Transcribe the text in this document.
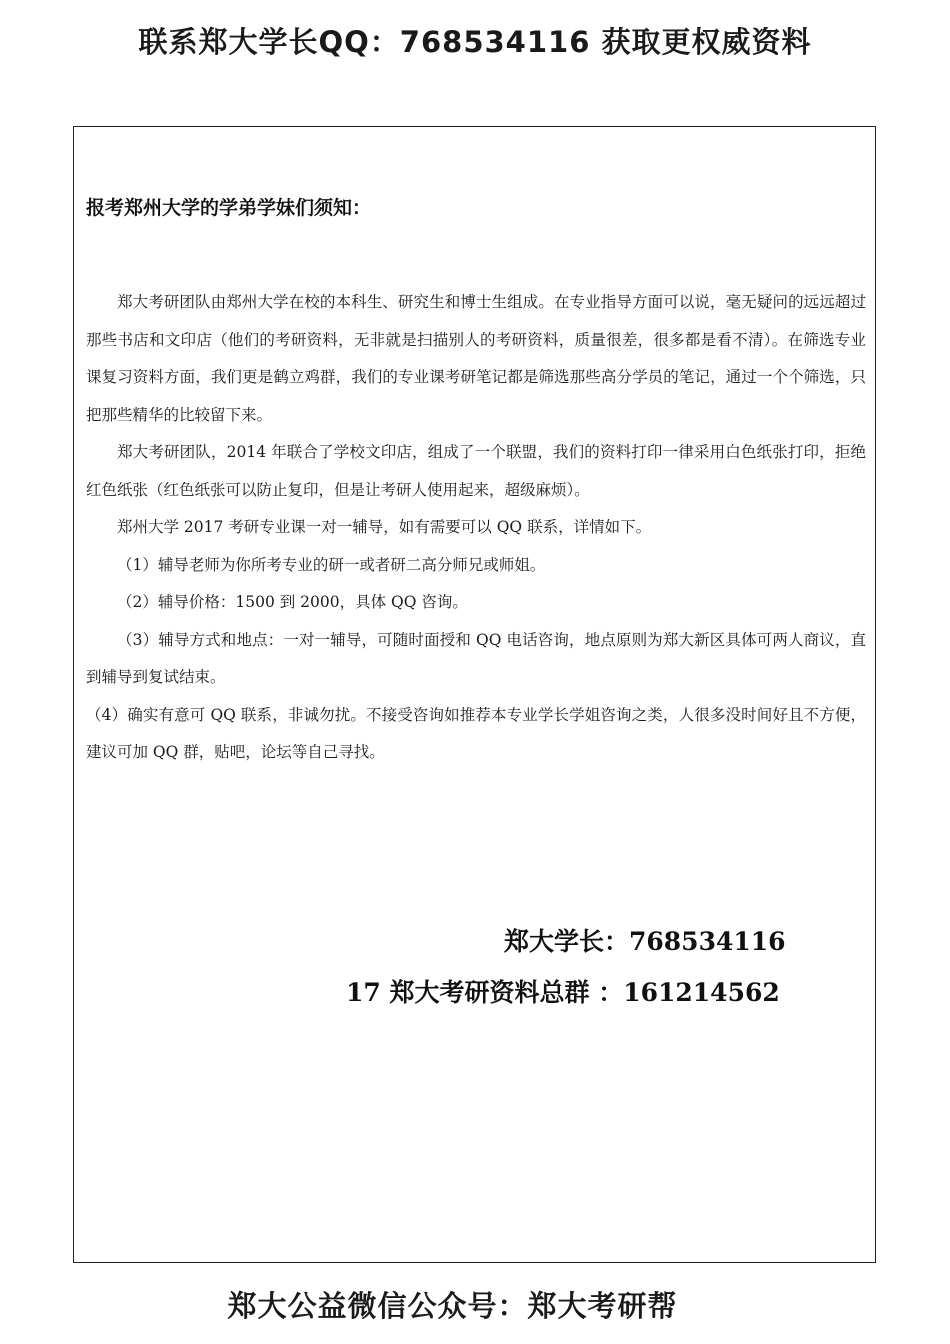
联系郑大学长QQ：768534116 获取更权威资料
报考郑州大学的学弟学妹们须知：

郑大考研团队由郑州大学在校的本科生、研究生和博士生组成。在专业指导方面可以说，毫无疑问的远远超过那些书店和文印店（他们的考研资料，无非就是扫描别人的考研资料，质量很差，很多都是看不清）。在筛选专业课复习资料方面，我们更是鹤立鸡群，我们的专业课考研笔记都是筛选那些高分学员的笔记，通过一个个筛选，只把那些精华的比较留下来。

郑大考研团队，2014 年联合了学校文印店，组成了一个联盟，我们的资料打印一律采用白色纸张打印，拒绝红色纸张（红色纸张可以防止复印，但是让考研人使用起来，超级麻烦）。

郑州大学 2017 考研专业课一对一辅导，如有需要可以 QQ 联系，详情如下。

（1）辅导老师为你所考专业的研一或者研二高分师兄或师姐。

（2）辅导价格：1500 到 2000，具体 QQ 咨询。

（3）辅导方式和地点：一对一辅导，可随时面授和 QQ 电话咨询，地点原则为郑大新区具体可两人商议，直到辅导到复试结束。

（4）确实有意可 QQ 联系，非诚勿扰。不接受咨询如推荐本专业学长学姐咨询之类，人很多没时间好且不方便，建议可加 QQ 群，贴吧，论坛等自己寻找。

郑大学长：768534116
17 郑大考研资料总群 ：161214562
郑大公益微信公众号：郑大考研帮
